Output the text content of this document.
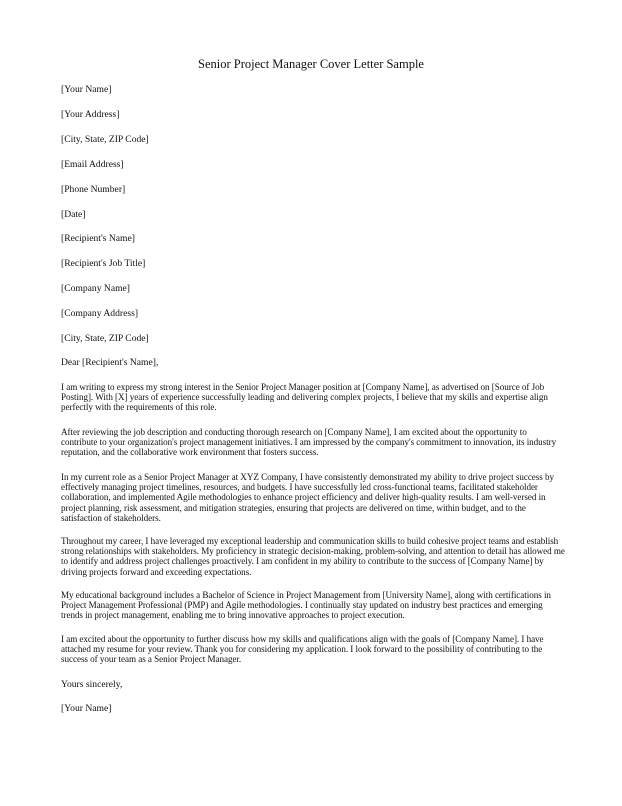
Senior Project Manager Cover Letter Sample
[Your Name]
[Your Address]
[City, State, ZIP Code]
[Email Address]
[Phone Number]
[Date]
[Recipient's Name]
[Recipient's Job Title]
[Company Name]
[Company Address]
[City, State, ZIP Code]
Dear [Recipient's Name],
I am writing to express my strong interest in the Senior Project Manager position at [Company Name], as advertised on [Source of Job Posting]. With [X] years of experience successfully leading and delivering complex projects, I believe that my skills and expertise align perfectly with the requirements of this role.
After reviewing the job description and conducting thorough research on [Company Name], I am excited about the opportunity to contribute to your organization's project management initiatives. I am impressed by the company's commitment to innovation, its industry reputation, and the collaborative work environment that fosters success.
In my current role as a Senior Project Manager at XYZ Company, I have consistently demonstrated my ability to drive project success by effectively managing project timelines, resources, and budgets. I have successfully led cross-functional teams, facilitated stakeholder collaboration, and implemented Agile methodologies to enhance project efficiency and deliver high-quality results. I am well-versed in project planning, risk assessment, and mitigation strategies, ensuring that projects are delivered on time, within budget, and to the satisfaction of stakeholders.
Throughout my career, I have leveraged my exceptional leadership and communication skills to build cohesive project teams and establish strong relationships with stakeholders. My proficiency in strategic decision-making, problem-solving, and attention to detail has allowed me to identify and address project challenges proactively. I am confident in my ability to contribute to the success of [Company Name] by driving projects forward and exceeding expectations.
My educational background includes a Bachelor of Science in Project Management from [University Name], along with certifications in Project Management Professional (PMP) and Agile methodologies. I continually stay updated on industry best practices and emerging trends in project management, enabling me to bring innovative approaches to project execution.
I am excited about the opportunity to further discuss how my skills and qualifications align with the goals of [Company Name]. I have attached my resume for your review. Thank you for considering my application. I look forward to the possibility of contributing to the success of your team as a Senior Project Manager.
Yours sincerely,
[Your Name]
